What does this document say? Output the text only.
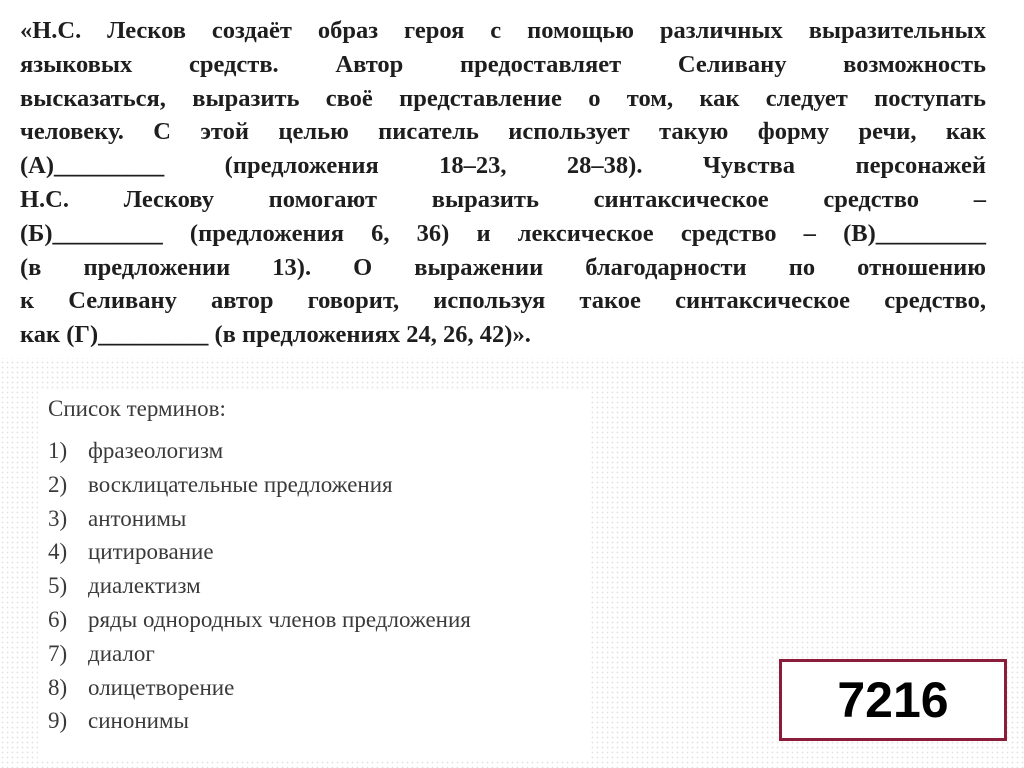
«Н.С. Лесков создаёт образ героя с помощью различных выразительных
языковых средств. Автор предоставляет Селивану возможность
высказаться, выразить своё представление о том, как следует поступать
человеку. С этой целью писатель использует такую форму речи, как
(А)_________ (предложения 18–23, 28–38). Чувства персонажей
Н.С. Лескову помогают выразить синтаксическое средство –
(Б)_________ (предложения 6, 36) и лексическое средство – (В)_________
(в предложении 13). О выражении благодарности по отношению
к Селивану автор говорит, используя такое синтаксическое средство,
как (Г)_________ (в предложениях 24, 26, 42)».
Список терминов:
1) фразеологизм
2) восклицательные предложения
3) антонимы
4) цитирование
5) диалектизм
6) ряды однородных членов предложения
7) диалог
8) олицетворение
9) синонимы	7216
